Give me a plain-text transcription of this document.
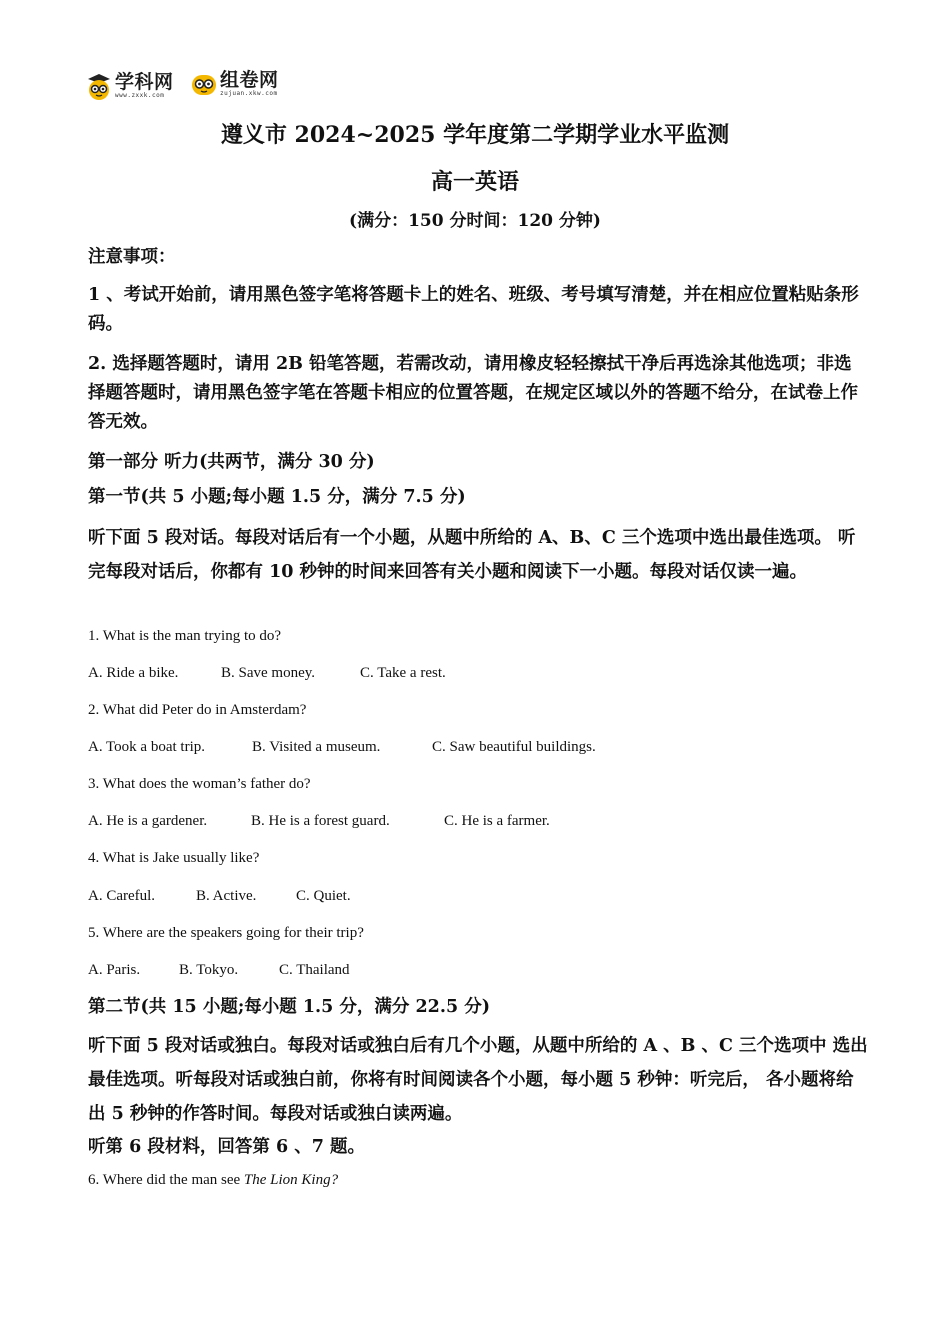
学科网
www.zxxk.com
组卷网
zujuan.xkw.com
遵义市 2024~2025 学年度第二学期学业水平监测
高一英语
(满分：150 分时间：120 分钟)
注意事项：
1 、考试开始前，请用黑色签字笔将答题卡上的姓名、班级、考号填写清楚，并在相应位置粘贴条形码。
2. 选择题答题时，请用 2B 铅笔答题，若需改动，请用橡皮轻轻擦拭干净后再选涂其他选项；非选择题答题时，请用黑色签字笔在答题卡相应的位置答题，在规定区域以外的答题不给分，在试卷上作答无效。
第一部分 听力(共两节，满分 30 分)
第一节(共 5 小题;每小题 1.5 分，满分 7.5 分)
听下面 5 段对话。每段对话后有一个小题，从题中所给的 A、B、C 三个选项中选出最佳选项。 听完每段对话后，你都有 10 秒钟的时间来回答有关小题和阅读下一小题。每段对话仅读一遍。
1. What is the man trying to do?
A. Ride a bike.	B. Save money.	C. Take a rest.
2. What did Peter do in Amsterdam?
A. Took a boat trip.	B. Visited a museum.	C. Saw beautiful buildings.
3. What does the woman’s father do?
A. He is a gardener.	B. He is a forest guard.	C. He is a farmer.
4. What is Jake usually like?
A. Careful.	B. Active.	C. Quiet.
5. Where are the speakers going for their trip?
A. Paris.	B. Tokyo.	C. Thailand
第二节(共 15 小题;每小题 1.5 分，满分 22.5 分)
听下面 5 段对话或独白。每段对话或独白后有几个小题，从题中所给的 A 、B 、C 三个选项中 选出最佳选项。听每段对话或独白前，你将有时间阅读各个小题，每小题 5 秒钟：听完后， 各小题将给出 5 秒钟的作答时间。每段对话或独白读两遍。
听第 6 段材料，回答第 6 、7 题。
6. Where did the man see The Lion King?
